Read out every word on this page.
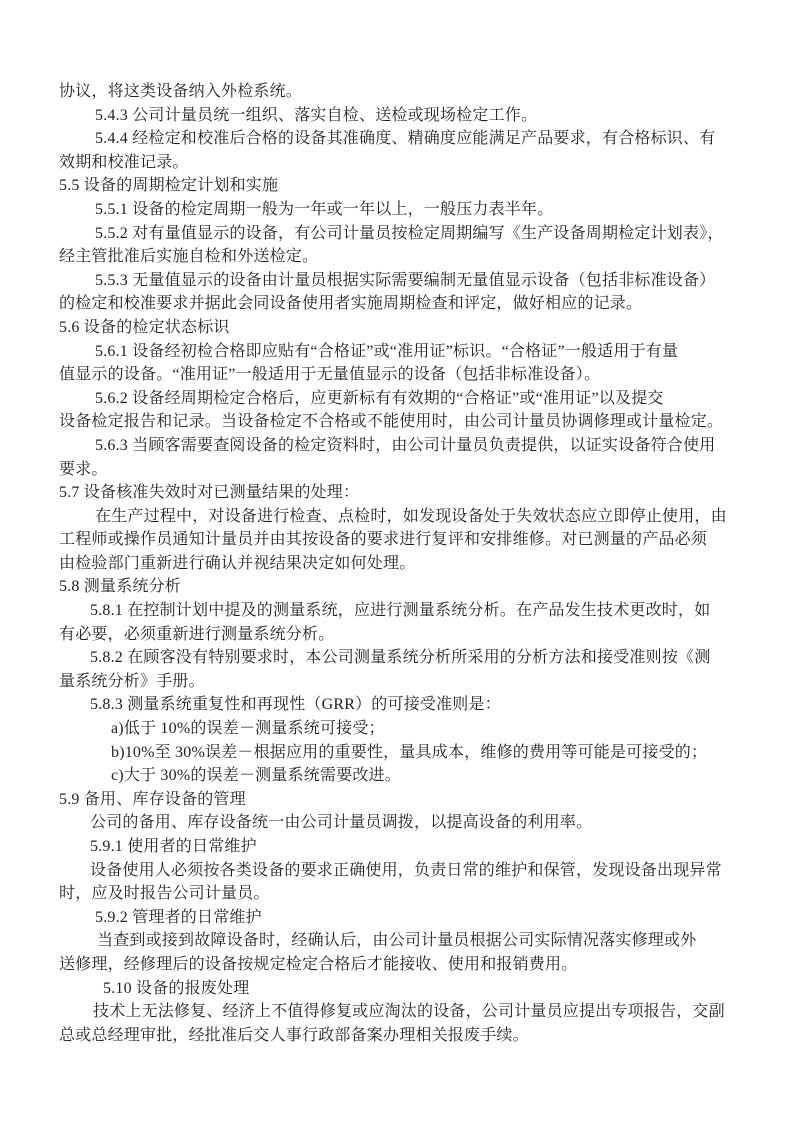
协议，将这类设备纳入外检系统。
5.4.3 公司计量员统一组织、落实自检、送检或现场检定工作。
5.4.4 经检定和校准后合格的设备其准确度、精确度应能满足产品要求，有合格标识、有
效期和校准记录。
5.5 设备的周期检定计划和实施
5.5.1 设备的检定周期一般为一年或一年以上，一般压力表半年。
5.5.2 对有量值显示的设备，有公司计量员按检定周期编写《生产设备周期检定计划表》，
经主管批准后实施自检和外送检定。
5.5.3 无量值显示的设备由计量员根据实际需要编制无量值显示设备（包括非标准设备）
的检定和校准要求并据此会同设备使用者实施周期检查和评定，做好相应的记录。
5.6 设备的检定状态标识
5.6.1 设备经初检合格即应贴有“合格证”或“准用证”标识。“合格证”一般适用于有量
值显示的设备。“准用证”一般适用于无量值显示的设备（包括非标准设备）。
5.6.2 设备经周期检定合格后，应更新标有有效期的“合格证”或“准用证”以及提交
设备检定报告和记录。当设备检定不合格或不能使用时，由公司计量员协调修理或计量检定。
5.6.3 当顾客需要查阅设备的检定资料时，由公司计量员负责提供，以证实设备符合使用
要求。
5.7 设备核准失效时对已测量结果的处理：
在生产过程中，对设备进行检查、点检时，如发现设备处于失效状态应立即停止使用，由
工程师或操作员通知计量员并由其按设备的要求进行复评和安排维修。对已测量的产品必须
由检验部门重新进行确认并视结果决定如何处理。
5.8 测量系统分析
5.8.1 在控制计划中提及的测量系统，应进行测量系统分析。在产品发生技术更改时，如
有必要，必须重新进行测量系统分析。
5.8.2 在顾客没有特别要求时，本公司测量系统分析所采用的分析方法和接受准则按《测
量系统分析》手册。
5.8.3 测量系统重复性和再现性（GRR）的可接受准则是：
a)低于 10%的误差－测量系统可接受；
b)10%至 30%误差－根据应用的重要性，量具成本，维修的费用等可能是可接受的；
c)大于 30%的误差－测量系统需要改进。
5.9 备用、库存设备的管理
公司的备用、库存设备统一由公司计量员调拨，以提高设备的利用率。
5.9.1 使用者的日常维护
设备使用人必须按各类设备的要求正确使用，负责日常的维护和保管，发现设备出现异常
时，应及时报告公司计量员。
5.9.2 管理者的日常维护
当查到或接到故障设备时，经确认后，由公司计量员根据公司实际情况落实修理或外
送修理，经修理后的设备按规定检定合格后才能接收、使用和报销费用。
5.10 设备的报废处理
技术上无法修复、经济上不值得修复或应淘汰的设备，公司计量员应提出专项报告，交副
总或总经理审批，经批准后交人事行政部备案办理相关报废手续。
